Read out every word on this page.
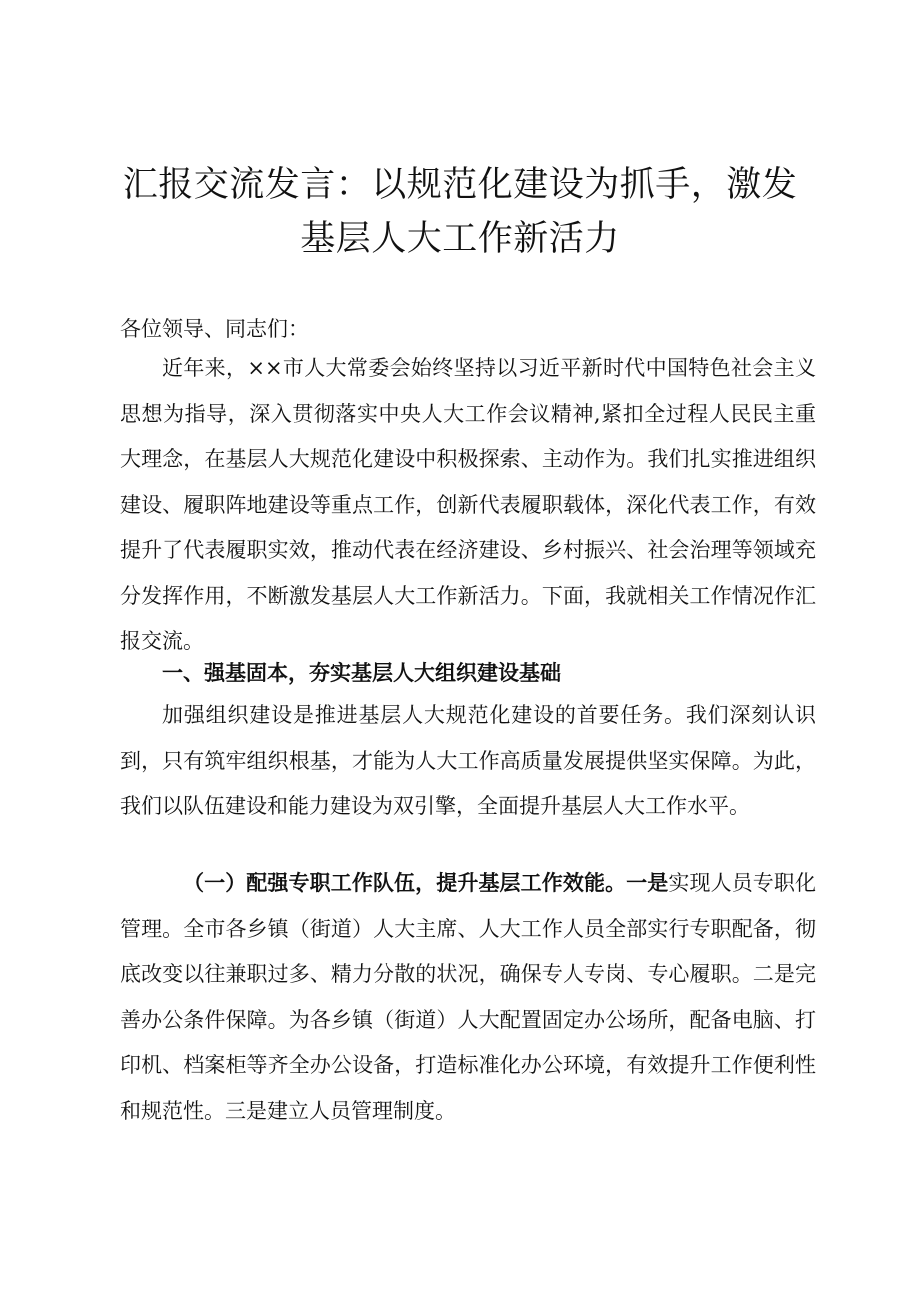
汇报交流发言：以规范化建设为抓手，激发基层人大工作新活力

各位领导、同志们：

近年来，××市人大常委会始终坚持以习近平新时代中国特色社会主义思想为指导，深入贯彻落实中央人大工作会议精神,紧扣全过程人民民主重大理念，在基层人大规范化建设中积极探索、主动作为。我们扎实推进组织建设、履职阵地建设等重点工作，创新代表履职载体，深化代表工作，有效提升了代表履职实效，推动代表在经济建设、乡村振兴、社会治理等领域充分发挥作用，不断激发基层人大工作新活力。下面，我就相关工作情况作汇报交流。

一、强基固本，夯实基层人大组织建设基础

加强组织建设是推进基层人大规范化建设的首要任务。我们深刻认识到，只有筑牢组织根基，才能为人大工作高质量发展提供坚实保障。为此，我们以队伍建设和能力建设为双引擎，全面提升基层人大工作水平。

（一）配强专职工作队伍，提升基层工作效能。一是实现人员专职化管理。全市各乡镇（街道）人大主席、人大工作人员全部实行专职配备，彻底改变以往兼职过多、精力分散的状况，确保专人专岗、专心履职。二是完善办公条件保障。为各乡镇（街道）人大配置固定办公场所，配备电脑、打印机、档案柜等齐全办公设备，打造标准化办公环境，有效提升工作便利性和规范性。三是建立人员管理制度。
